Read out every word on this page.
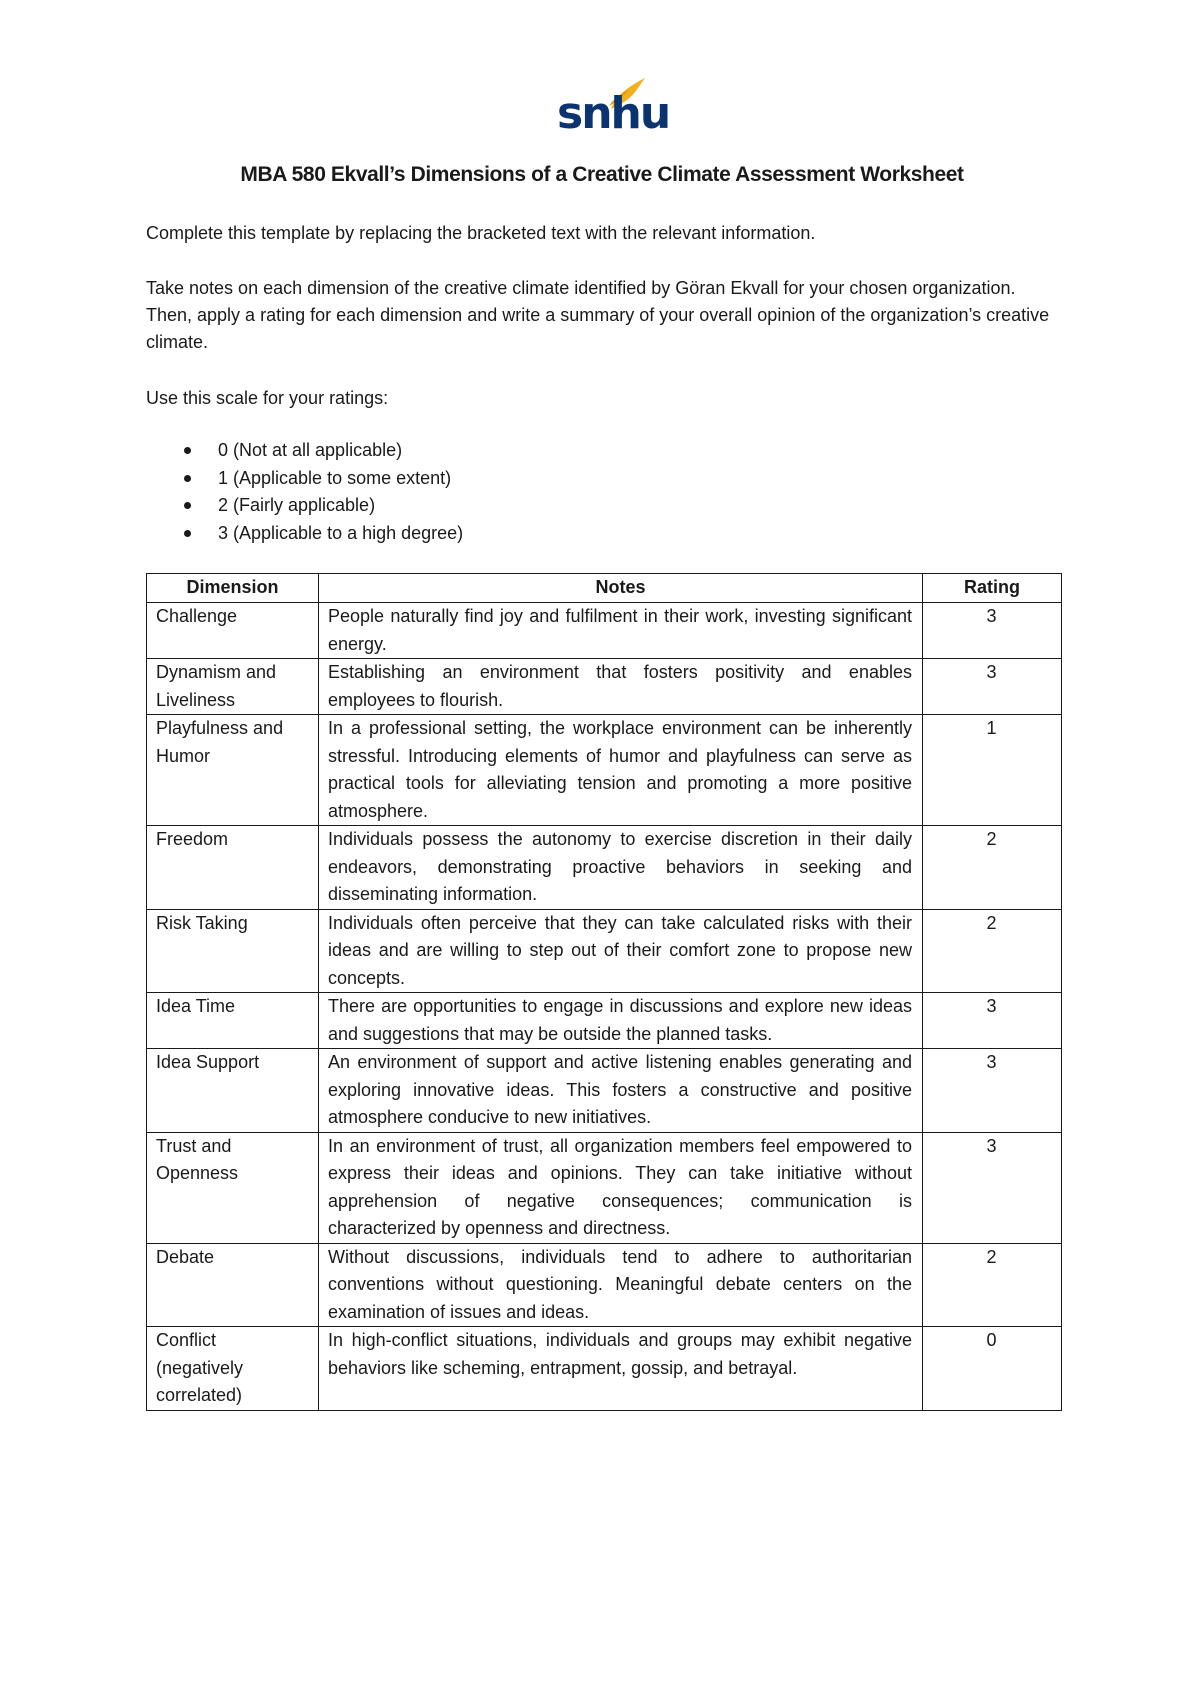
snhu
MBA 580 Ekvall’s Dimensions of a Creative Climate Assessment Worksheet

Complete this template by replacing the bracketed text with the relevant information.

Take notes on each dimension of the creative climate identified by Göran Ekvall for your chosen organization. Then, apply a rating for each dimension and write a summary of your overall opinion of the organization’s creative climate.

Use this scale for your ratings:

0 (Not at all applicable)
1 (Applicable to some extent)
2 (Fairly applicable)
3 (Applicable to a high degree)
Dimension	Notes	Rating
Challenge	People naturally find joy and fulfilment in their work, investing significant energy.	3
Dynamism and Liveliness	Establishing an environment that fosters positivity and enables employees to flourish.	3
Playfulness and Humor	In a professional setting, the workplace environment can be inherently stressful. Introducing elements of humor and playfulness can serve as practical tools for alleviating tension and promoting a more positive atmosphere.	1
Freedom	Individuals possess the autonomy to exercise discretion in their daily endeavors, demonstrating proactive behaviors in seeking and disseminating information.	2
Risk Taking	Individuals often perceive that they can take calculated risks with their ideas and are willing to step out of their comfort zone to propose new concepts.	2
Idea Time	There are opportunities to engage in discussions and explore new ideas and suggestions that may be outside the planned tasks.	3
Idea Support	An environment of support and active listening enables generating and exploring innovative ideas. This fosters a constructive and positive atmosphere conducive to new initiatives.	3
Trust and Openness	In an environment of trust, all organization members feel empowered to express their ideas and opinions. They can take initiative without apprehension of negative consequences; communication is characterized by openness and directness.	3
Debate	Without discussions, individuals tend to adhere to authoritarian conventions without questioning. Meaningful debate centers on the examination of issues and ideas.	2
Conflict (negatively correlated)	In high-conflict situations, individuals and groups may exhibit negative behaviors like scheming, entrapment, gossip, and betrayal.	0
